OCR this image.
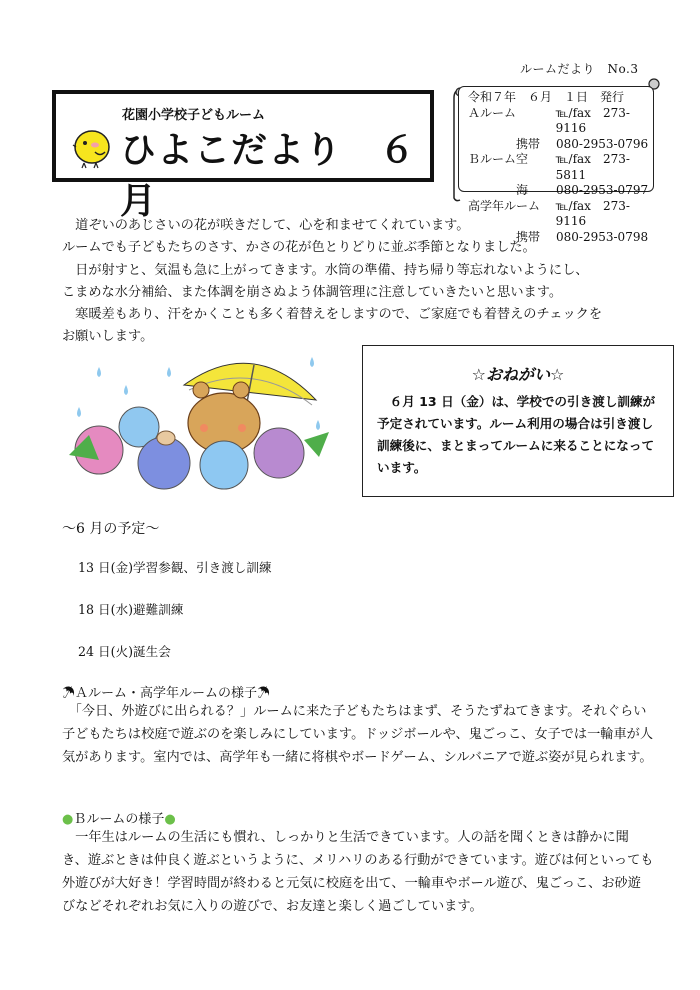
ルームだより　No.3
花園小学校子どもルーム
ひよこだより　６月
令和７年　６月　１日　発行
Ａルーム	℡/fax　273-9116
　　　　携帯	080-2953-0796
Ｂルーム空	℡/fax　273-5811
　　　　海	080-2953-0797
高学年ルーム	℡/fax　273-9116
　　　　携帯	080-2953-0798

　道ぞいのあじさいの花が咲きだして、心を和ませてくれています。

ルームでも子どもたちのさす、かさの花が色とりどりに並ぶ季節となりました。

　日が射すと、気温も急に上がってきます。水筒の準備、持ち帰り等忘れないようにし、

こまめな水分補給、また体調を崩さぬよう体調管理に注意していきたいと思います。

　寒暖差もあり、汗をかくことも多く着替えをしますので、ご家庭でも着替えのチェックを

お願いします。

☆おねがい☆
　６月 13 日（金）は、学校での引き渡し訓練が予定されています。ルーム利用の場合は引き渡し訓練後に、まとまってルームに来ることになっています。
～6 月の予定～
13 日(金)学習参観、引き渡し訓練
18 日(水)避難訓練
24 日(火)誕生会
☂Ａルーム・高学年ルームの様子☂

　「今日、外遊びに出られる？」ルームに来た子どもたちはまず、そうたずねてきます。それぐらい子どもたちは校庭で遊ぶのを楽しみにしています。ドッジボールや、鬼ごっこ、女子では一輪車が人気があります。室内では、高学年も一緒に将棋やボードゲーム、シルバニアで遊ぶ姿が見られます。

●Ｂルームの様子●

　一年生はルームの生活にも慣れ、しっかりと生活できています。人の話を聞くときは静かに聞き、遊ぶときは仲良く遊ぶというように、メリハリのある行動ができています。遊びは何といっても外遊びが大好き！学習時間が終わると元気に校庭を出て、一輪車やボール遊び、鬼ごっこ、お砂遊びなどそれぞれお気に入りの遊びで、お友達と楽しく過ごしています。
